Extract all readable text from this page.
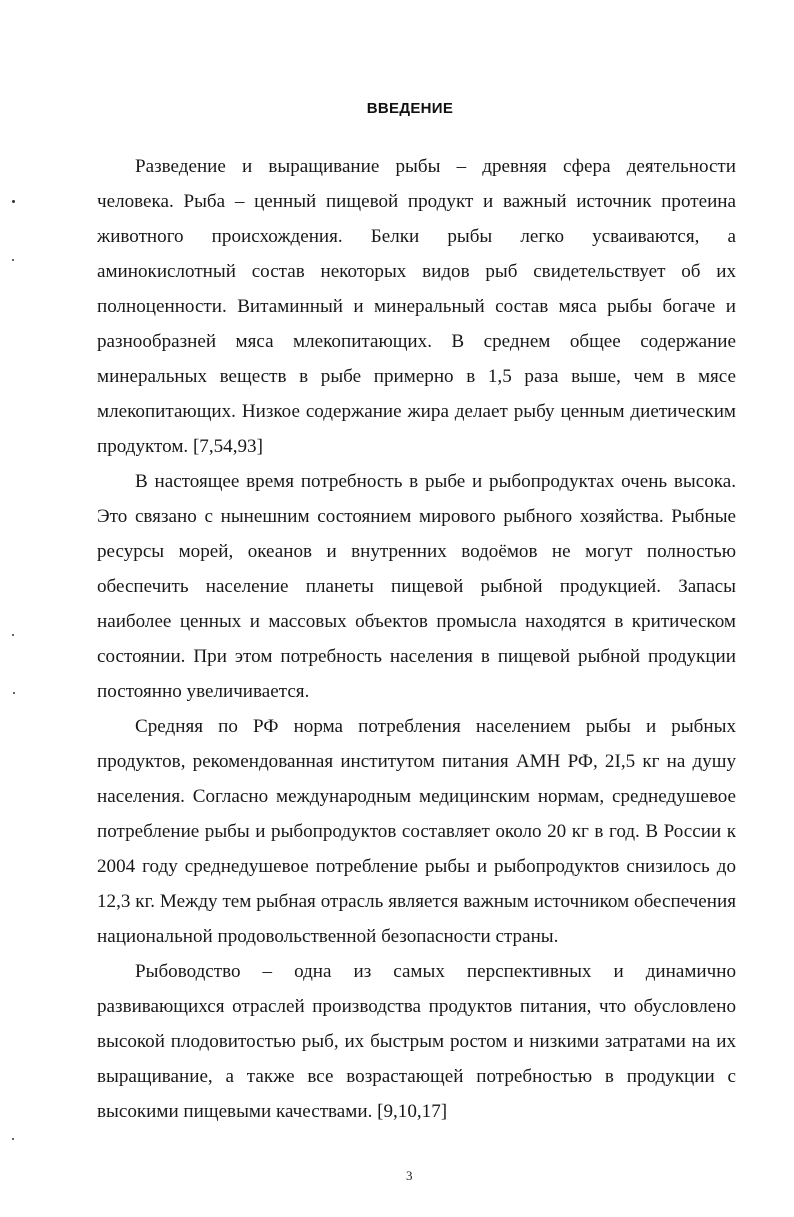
ВВЕДЕНИЕ

Разведение и выращивание рыбы – древняя сфера деятельности человека. Рыба – ценный пищевой продукт и важный источник протеина животного происхождения. Белки рыбы легко усваиваются, а аминокислотный состав некоторых видов рыб свидетельствует об их полноценности. Витаминный и минеральный состав мяса рыбы богаче и разнообразней мяса млекопитающих. В среднем общее содержание минеральных веществ в рыбе примерно в 1,5 раза выше, чем в мясе млекопитающих. Низкое содержание жира делает рыбу ценным диетическим продуктом. [7,54,93]

В настоящее время потребность в рыбе и рыбопродуктах очень высока. Это связано с нынешним состоянием мирового рыбного хозяйства. Рыбные ресурсы морей, океанов и внутренних водоёмов не могут полностью обеспечить население планеты пищевой рыбной продукцией. Запасы наиболее ценных и массовых объектов промысла находятся в критическом состоянии. При этом потребность населения в пищевой рыбной продукции постоянно увеличивается.

Средняя по РФ норма потребления населением рыбы и рыбных продуктов, рекомендованная институтом питания АМН РФ, 2I,5 кг на душу населения. Согласно международным медицинским нормам, среднедушевое потребление рыбы и рыбопродуктов составляет около 20 кг в год. В России к 2004 году среднедушевое потребление рыбы и рыбопродуктов снизилось до 12,3 кг. Между тем рыбная отрасль является важным источником обеспечения национальной продовольственной безопасности страны.

Рыбоводство – одна из самых перспективных и динамично развивающихся отраслей производства продуктов питания, что обусловлено высокой плодовитостью рыб, их быстрым ростом и низкими затратами на их выращивание, а также все возрастающей потребностью в продукции с высокими пищевыми качествами. [9,10,17]

3
